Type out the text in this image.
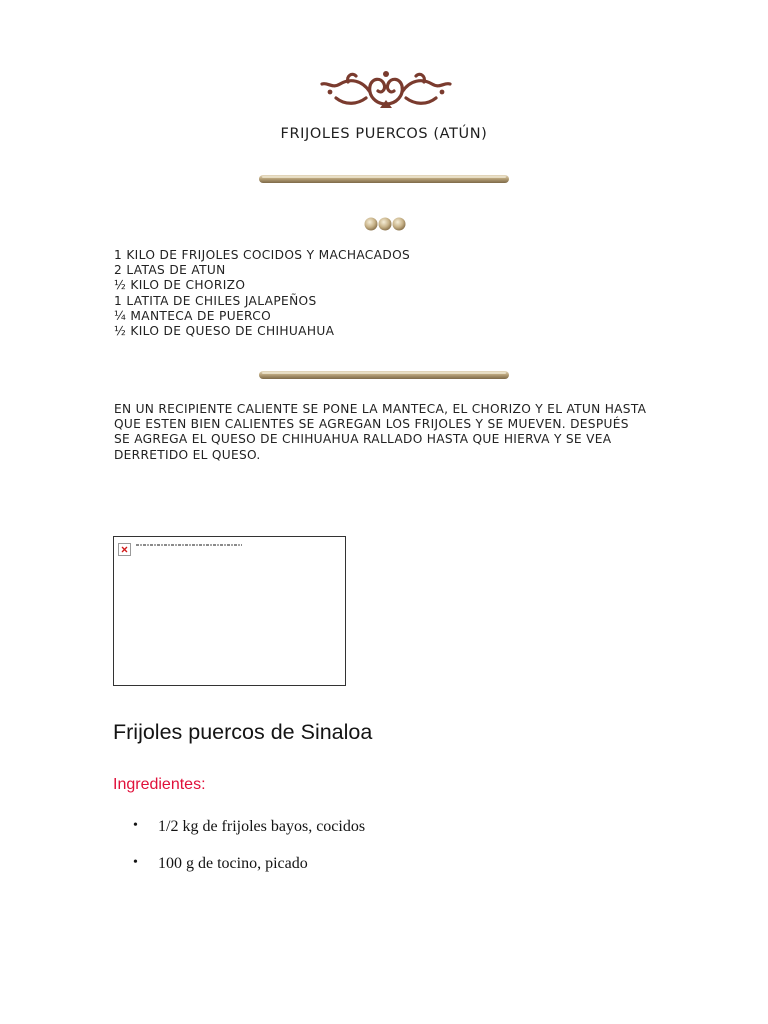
FRIJOLES PUERCOS (ATÚN)
1 KILO DE FRIJOLES COCIDOS Y MACHACADOS
2 LATAS DE ATUN
½ KILO DE CHORIZO
1 LATITA DE CHILES JALAPEÑOS
¼ MANTECA DE PUERCO
½ KILO DE QUESO DE CHIHUAHUA
EN UN RECIPIENTE CALIENTE SE PONE LA MANTECA, EL CHORIZO Y EL ATUN HASTA
QUE ESTEN BIEN CALIENTES SE AGREGAN LOS FRIJOLES Y SE MUEVEN. DESPUÉS
SE AGREGA EL QUESO DE CHIHUAHUA RALLADO HASTA QUE HIERVA Y SE VEA
DERRETIDO EL QUESO.
Frijoles puercos de Sinaloa
Ingredientes:
• 1/2 kg de frijoles bayos, cocidos
• 100 g de tocino, picado
